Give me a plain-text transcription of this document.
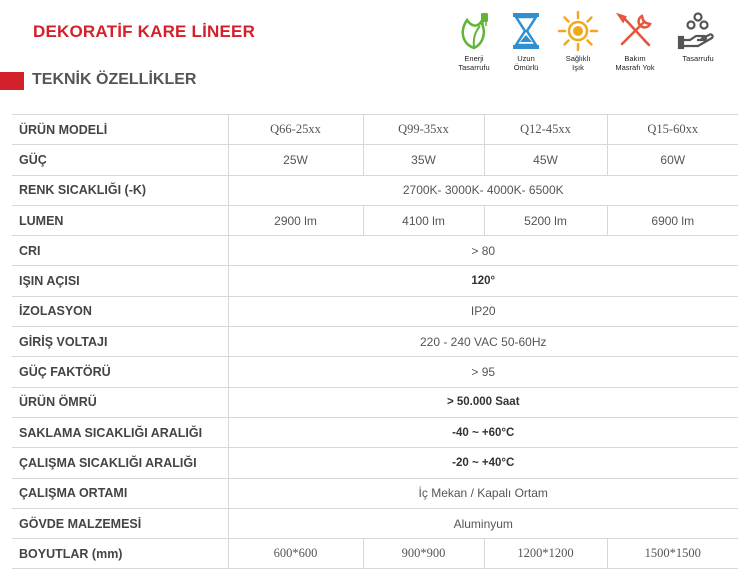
DEKORATİF KARE LİNEER
TEKNİK ÖZELLİKLER
Enerji
Tasarrufu
Uzun
Ömürlü
Sağlıklı
Işık
Bakım
Masrafı Yok
Tasarrufu
ÜRÜN MODELİ	Q66-25xx	Q99-35xx	Q12-45xx	Q15-60xx
GÜÇ	25W	35W	45W	60W
RENK SICAKLIĞI (-K)	2700K- 3000K- 4000K- 6500K			
LUMEN	2900 lm	4100 lm	5200 lm	6900 lm
CRI	> 80			
IŞIN AÇISI	120°			
İZOLASYON	IP20			
GİRİŞ VOLTAJI	220 - 240 VAC 50-60Hz			
GÜÇ FAKTÖRÜ	> 95			
ÜRÜN ÖMRÜ	> 50.000 Saat			
SAKLAMA SICAKLIĞI ARALIĞI	-40 ~ +60°C			
ÇALIŞMA SICAKLIĞI ARALIĞI	-20 ~ +40°C			
ÇALIŞMA ORTAMI	İç Mekan / Kapalı Ortam			
GÖVDE MALZEMESİ	Aluminyum			
BOYUTLAR (mm)	600*600	900*900	1200*1200	1500*1500
